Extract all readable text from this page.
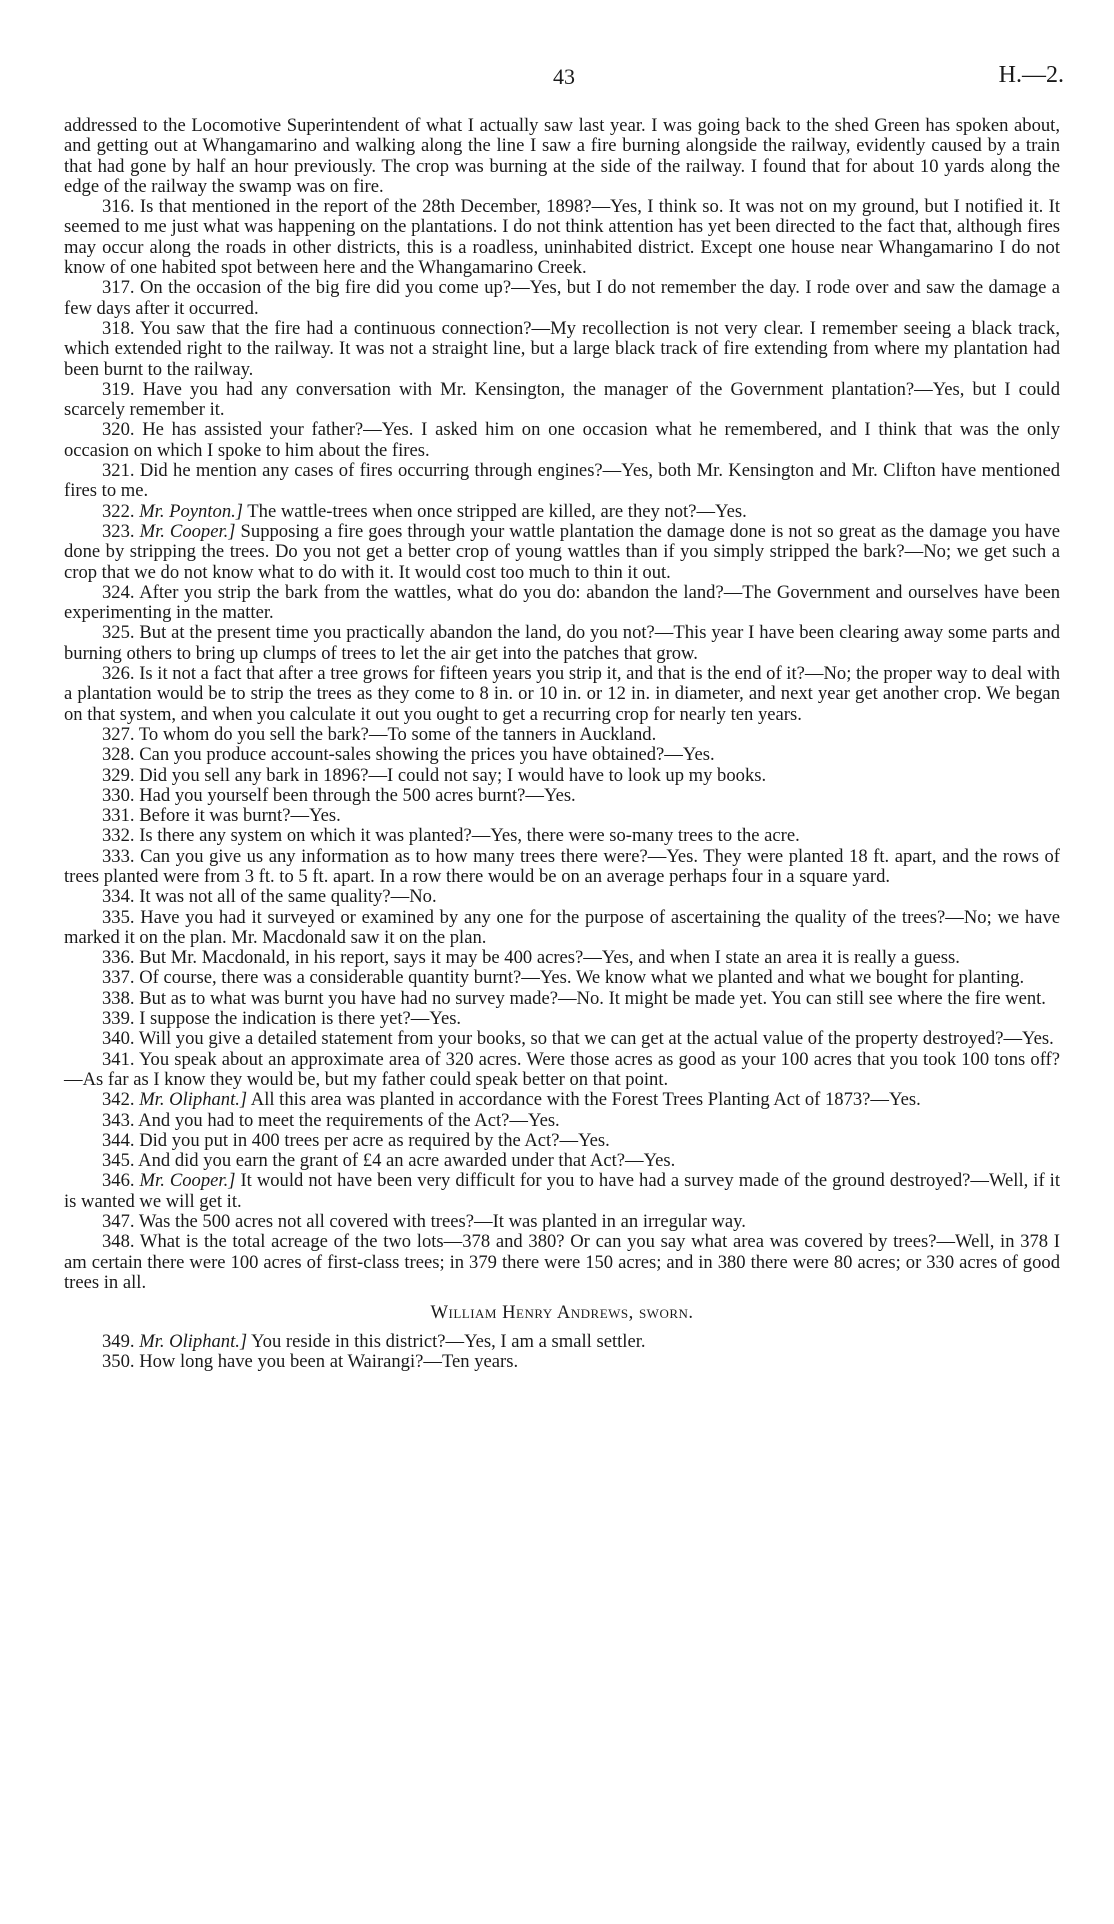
43	H.—2.

addressed to the Locomotive Superintendent of what I actually saw last year. I was going back to the shed Green has spoken about, and getting out at Whangamarino and walking along the line I saw a fire burning alongside the railway, evidently caused by a train that had gone by half an hour previously. The crop was burning at the side of the railway. I found that for about 10 yards along the edge of the railway the swamp was on fire.

316. Is that mentioned in the report of the 28th December, 1898?—Yes, I think so. It was not on my ground, but I notified it. It seemed to me just what was happening on the plantations. I do not think attention has yet been directed to the fact that, although fires may occur along the roads in other districts, this is a roadless, uninhabited district. Except one house near Whangamarino I do not know of one habited spot between here and the Whangamarino Creek.

317. On the occasion of the big fire did you come up?—Yes, but I do not remember the day. I rode over and saw the damage a few days after it occurred.

318. You saw that the fire had a continuous connection?—My recollection is not very clear. I remember seeing a black track, which extended right to the railway. It was not a straight line, but a large black track of fire extending from where my plantation had been burnt to the railway.

319. Have you had any conversation with Mr. Kensington, the manager of the Government plantation?—Yes, but I could scarcely remember it.

320. He has assisted your father?—Yes. I asked him on one occasion what he remembered, and I think that was the only occasion on which I spoke to him about the fires.

321. Did he mention any cases of fires occurring through engines?—Yes, both Mr. Kensington and Mr. Clifton have mentioned fires to me.

322. Mr. Poynton.] The wattle-trees when once stripped are killed, are they not?—Yes.

323. Mr. Cooper.] Supposing a fire goes through your wattle plantation the damage done is not so great as the damage you have done by stripping the trees. Do you not get a better crop of young wattles than if you simply stripped the bark?—No; we get such a crop that we do not know what to do with it. It would cost too much to thin it out.

324. After you strip the bark from the wattles, what do you do: abandon the land?—The Government and ourselves have been experimenting in the matter.

325. But at the present time you practically abandon the land, do you not?—This year I have been clearing away some parts and burning others to bring up clumps of trees to let the air get into the patches that grow.

326. Is it not a fact that after a tree grows for fifteen years you strip it, and that is the end of it?—No; the proper way to deal with a plantation would be to strip the trees as they come to 8 in. or 10 in. or 12 in. in diameter, and next year get another crop. We began on that system, and when you calculate it out you ought to get a recurring crop for nearly ten years.

327. To whom do you sell the bark?—To some of the tanners in Auckland.

328. Can you produce account-sales showing the prices you have obtained?—Yes.

329. Did you sell any bark in 1896?—I could not say; I would have to look up my books.

330. Had you yourself been through the 500 acres burnt?—Yes.

331. Before it was burnt?—Yes.

332. Is there any system on which it was planted?—Yes, there were so-many trees to the acre.

333. Can you give us any information as to how many trees there were?—Yes. They were planted 18 ft. apart, and the rows of trees planted were from 3 ft. to 5 ft. apart. In a row there would be on an average perhaps four in a square yard.

334. It was not all of the same quality?—No.

335. Have you had it surveyed or examined by any one for the purpose of ascertaining the quality of the trees?—No; we have marked it on the plan. Mr. Macdonald saw it on the plan.

336. But Mr. Macdonald, in his report, says it may be 400 acres?—Yes, and when I state an area it is really a guess.

337. Of course, there was a considerable quantity burnt?—Yes. We know what we planted and what we bought for planting.

338. But as to what was burnt you have had no survey made?—No. It might be made yet. You can still see where the fire went.

339. I suppose the indication is there yet?—Yes.

340. Will you give a detailed statement from your books, so that we can get at the actual value of the property destroyed?—Yes.

341. You speak about an approximate area of 320 acres. Were those acres as good as your 100 acres that you took 100 tons off?—As far as I know they would be, but my father could speak better on that point.

342. Mr. Oliphant.] All this area was planted in accordance with the Forest Trees Planting Act of 1873?—Yes.

343. And you had to meet the requirements of the Act?—Yes.

344. Did you put in 400 trees per acre as required by the Act?—Yes.

345. And did you earn the grant of £4 an acre awarded under that Act?—Yes.

346. Mr. Cooper.] It would not have been very difficult for you to have had a survey made of the ground destroyed?—Well, if it is wanted we will get it.

347. Was the 500 acres not all covered with trees?—It was planted in an irregular way.

348. What is the total acreage of the two lots—378 and 380? Or can you say what area was covered by trees?—Well, in 378 I am certain there were 100 acres of first-class trees; in 379 there were 150 acres; and in 380 there were 80 acres; or 330 acres of good trees in all.

William Henry Andrews, sworn.

349. Mr. Oliphant.] You reside in this district?—Yes, I am a small settler.

350. How long have you been at Wairangi?—Ten years.
